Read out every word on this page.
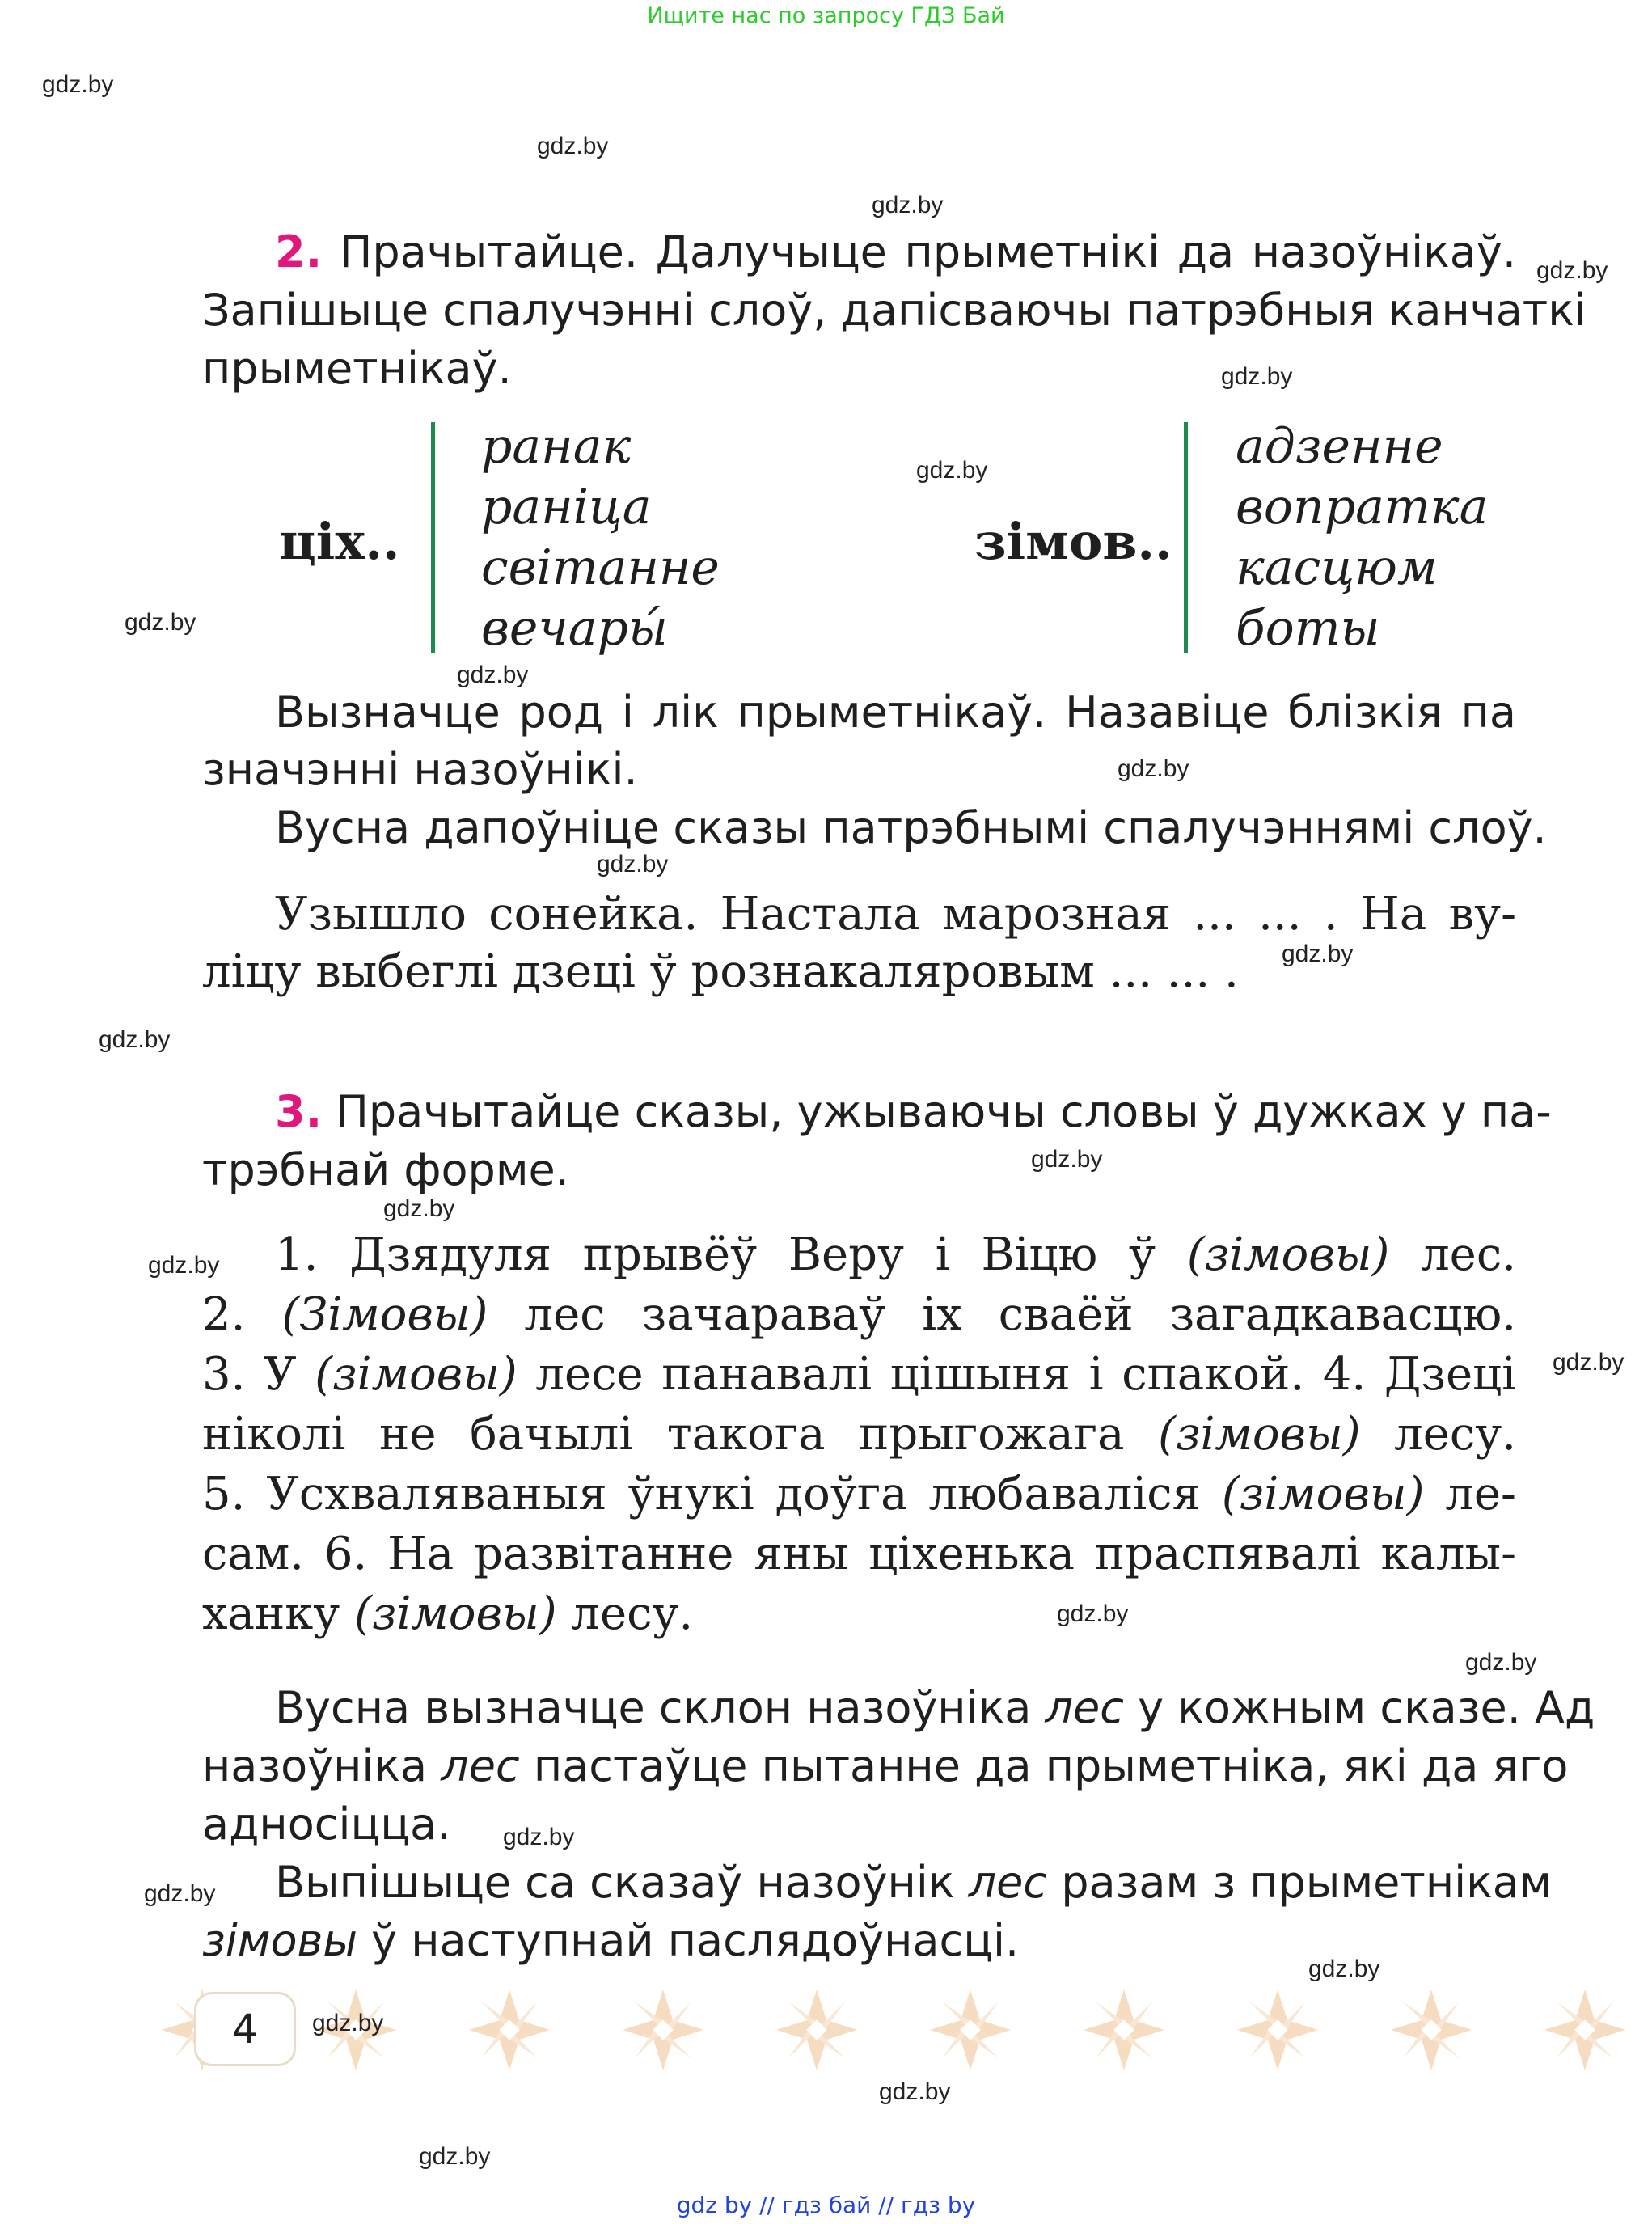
Ищите нас по запросу ГДЗ Бай
gdz.by
gdz.by
gdz.by
gdz.by
gdz.by
gdz.by
gdz.by
gdz.by
gdz.by
gdz.by
gdz.by
gdz.by
gdz.by
gdz.by
gdz.by
gdz.by
gdz.by
gdz.by
gdz.by
gdz.by
gdz.by
gdz.by
gdz.by
2. Прачытайце. Далучыце прыметнікі да назоўнікаў.
Запішыце спалучэнні слоў, дапісваючы патрэбныя канчаткі
прыметнікаў.
ціх..
ранак
раніца
світанне
вечары́
зімов..
адзенне
вопратка
касцюм
боты
Вызначце род і лік прыметнікаў. Назавіце блізкія па
значэнні назоўнікі.
Вусна дапоўніце сказы патрэбнымі спалучэннямі слоў.
Узышло сонейка. Настала марозная ... ... . На ву-
ліцу выбеглі дзеці ў рознакаляровым ... ... .
3. Прачытайце сказы, ужываючы словы ў дужках у па-
трэбнай форме.
1. Дзядуля прывёў Веру і Віцю ў (зімовы) лес.
2. (Зімовы) лес зачараваў іх сваёй загадкавасцю.
3. У (зімовы) лесе панавалі цішыня і спакой. 4. Дзеці
ніколі не бачылі такога прыгожага (зімовы) лесу.
5. Усхваляваныя ўнукі доўга любаваліся (зімовы) ле-
сам. 6. На развітанне яны ціхенька праспявалі калы-
ханку (зімовы) лесу.
Вусна вызначце склон назоўніка лес у кожным сказе. Ад
назоўніка лес пастаўце пытанне да прыметніка, які да яго
адносіцца.
Выпішыце са сказаў назоўнік лес разам з прыметнікам
зімовы ў наступнай паслядоўнасці.
4	gdz.by
gdz by // гдз бай // гдз by
